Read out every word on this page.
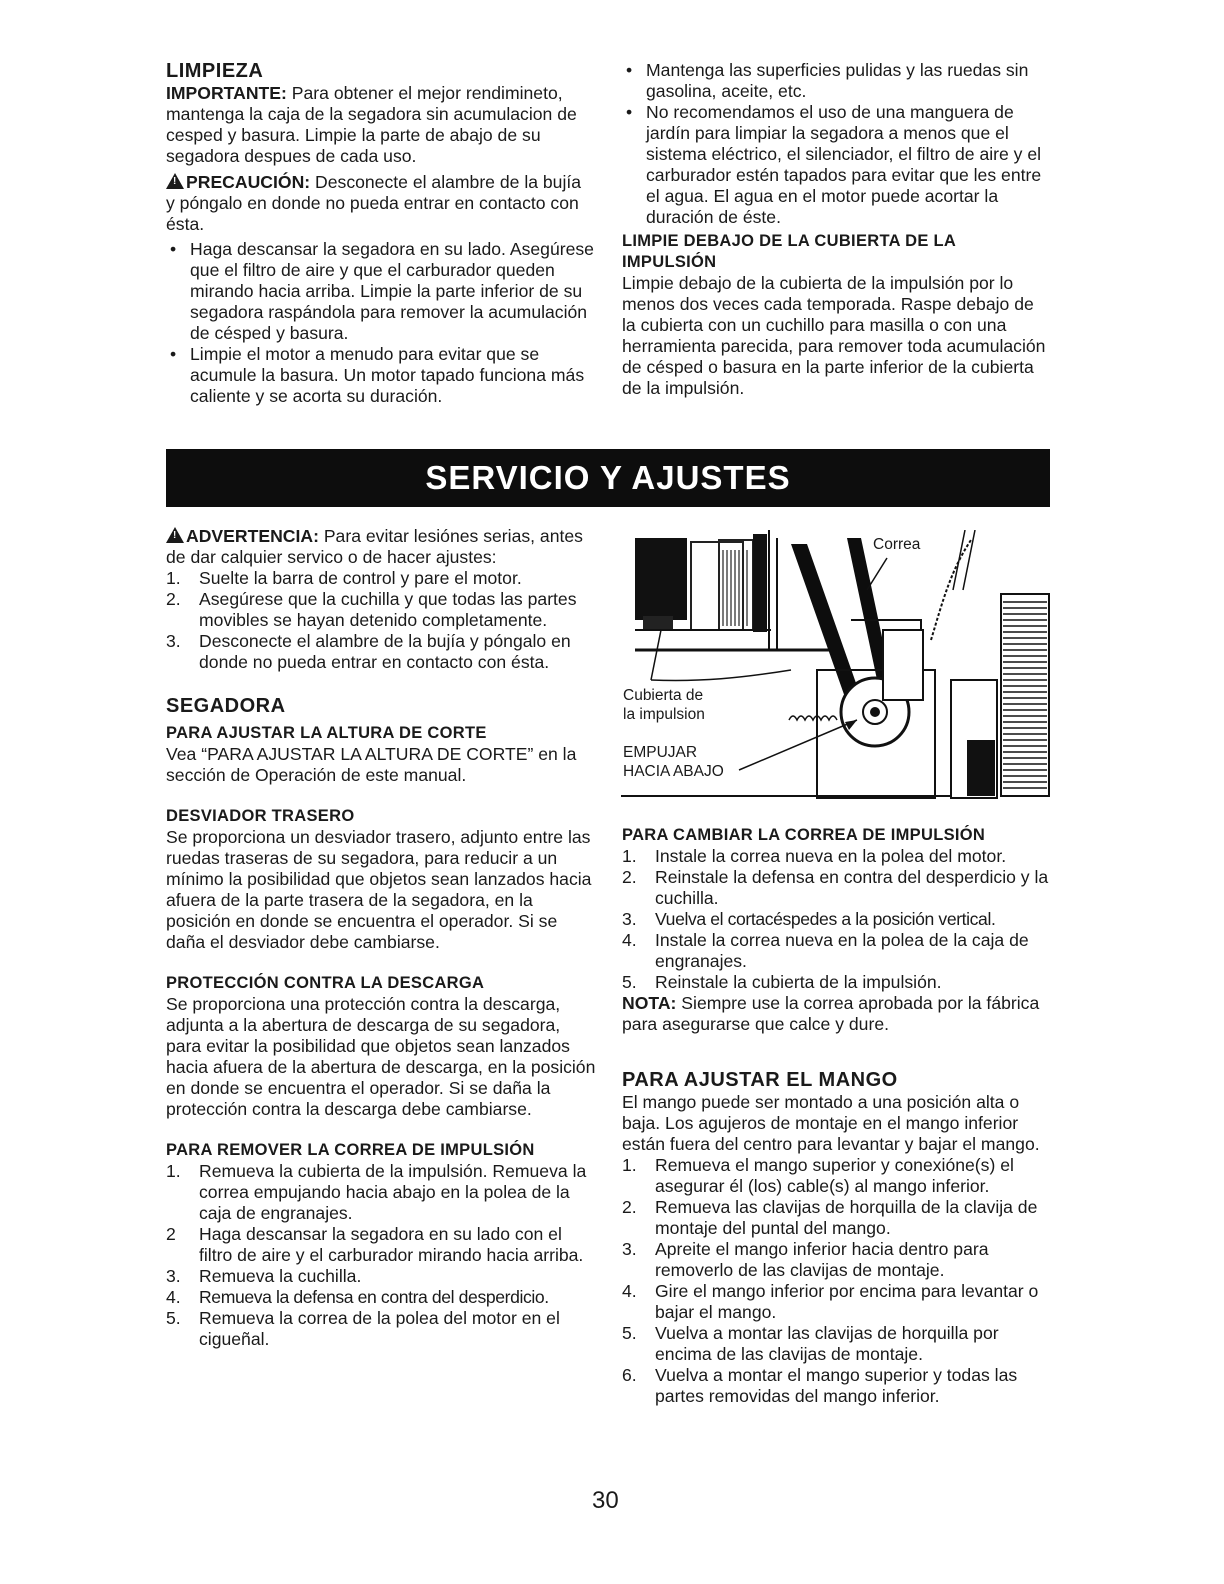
LIMPIEZA

IMPORTANTE: Para obtener el mejor rendimineto, mantenga la caja de la segadora sin acumulacion de cesped y basura. Limpie la parte de abajo de su segadora despues de cada uso.

! PRECAUCIÓN: Desconecte el alambre de la bujía y póngalo en donde no pueda entrar en contacto con ésta.

• Haga descansar la segadora en su lado. Asegúrese que el filtro de aire y que el carburador queden mirando hacia arriba. Limpie la parte inferior de su segadora raspándola para remover la acumulación de césped y basura.

• Limpie el motor a menudo para evitar que se acumule la basura. Un motor tapado funciona más caliente y se acorta su duración.

• Mantenga las superficies pulidas y las ruedas sin gasolina, aceite, etc.

• No recomendamos el uso de una manguera de jardín para limpiar la segadora a menos que el sistema eléctrico, el silenciador, el filtro de aire y el carburador estén tapados para evitar que les entre el agua. El agua en el motor puede acortar la duración de éste.

LIMPIE DEBAJO DE LA CUBIERTA DE LA IMPULSIÓN

Limpie debajo de la cubierta de la impulsión por lo menos dos veces cada temporada. Raspe debajo de la cubierta con un cuchillo para masilla o con una herramienta parecida, para remover toda acumulación de césped o basura en la parte inferior de la cubierta de la impulsión.

SERVICIO Y AJUSTES

! ADVERTENCIA: Para evitar lesiónes serias, antes de dar calquier servico o de hacer ajustes:

1. Suelte la barra de control y pare el motor.

2. Asegúrese que la cuchilla y que todas las partes movibles se hayan detenido completamente.

3. Desconecte el alambre de la bujía y póngalo en donde no pueda entrar en contacto con ésta.

SEGADORA

PARA AJUSTAR LA ALTURA DE CORTE

Vea “PARA AJUSTAR LA ALTURA DE CORTE” en la sección de Operación de este manual.

DESVIADOR TRASERO

Se proporciona un desviador trasero, adjunto entre las ruedas traseras de su segadora, para reducir a un mínimo la posibilidad que objetos sean lanzados hacia afuera de la parte trasera de la segadora, en la posición en donde se encuentra el operador. Si se daña el desviador debe cambiarse.

PROTECCIÓN CONTRA LA DESCARGA

Se proporciona una protección contra la descarga, adjunta a la abertura de descarga de su segadora, para evitar la posibilidad que objetos sean lanzados hacia afuera de la abertura de descarga, en la posición en donde se encuentra el operador. Si se daña la protección contra la descarga debe cambiarse.

PARA REMOVER LA CORREA DE IMPULSIÓN

1. Remueva la cubierta de la impulsión. Remueva la correa empujando hacia abajo en la polea de la caja de engranajes.

2 Haga descansar la segadora en su lado con el filtro de aire y el carburador mirando hacia arriba.

3. Remueva la cuchilla.

4. Remueva la defensa en contra del desperdicio.

5. Remueva la correa de la polea del motor en el cigueñal.

Correa
Cubierta de
la impulsion
EMPUJAR
HACIA ABAJO

PARA CAMBIAR LA CORREA DE IMPULSIÓN

1. Instale la correa nueva en la polea del motor.

2. Reinstale la defensa en contra del desperdicio y la cuchilla.

3. Vuelva el cortacéspedes a la posición vertical.

4. Instale la correa nueva en la polea de la caja de engranajes.

5. Reinstale la cubierta de la impulsión.

NOTA: Siempre use la correa aprobada por la fábrica para asegurarse que calce y dure.

PARA AJUSTAR EL MANGO

El mango puede ser montado a una posición alta o baja. Los agujeros de montaje en el mango inferior están fuera del centro para levantar y bajar el mango.

1. Remueva el mango superior y conexióne(s) el asegurar él (los) cable(s) al mango inferior.

2. Remueva las clavijas de horquilla de la clavija de montaje del puntal del mango.

3. Apreite el mango inferior hacia dentro para removerlo de las clavijas de montaje.

4. Gire el mango inferior por encima para levantar o bajar el mango.

5. Vuelva a montar las clavijas de horquilla por encima de las clavijas de montaje.

6. Vuelva a montar el mango superior y todas las partes removidas del mango inferior.

30
